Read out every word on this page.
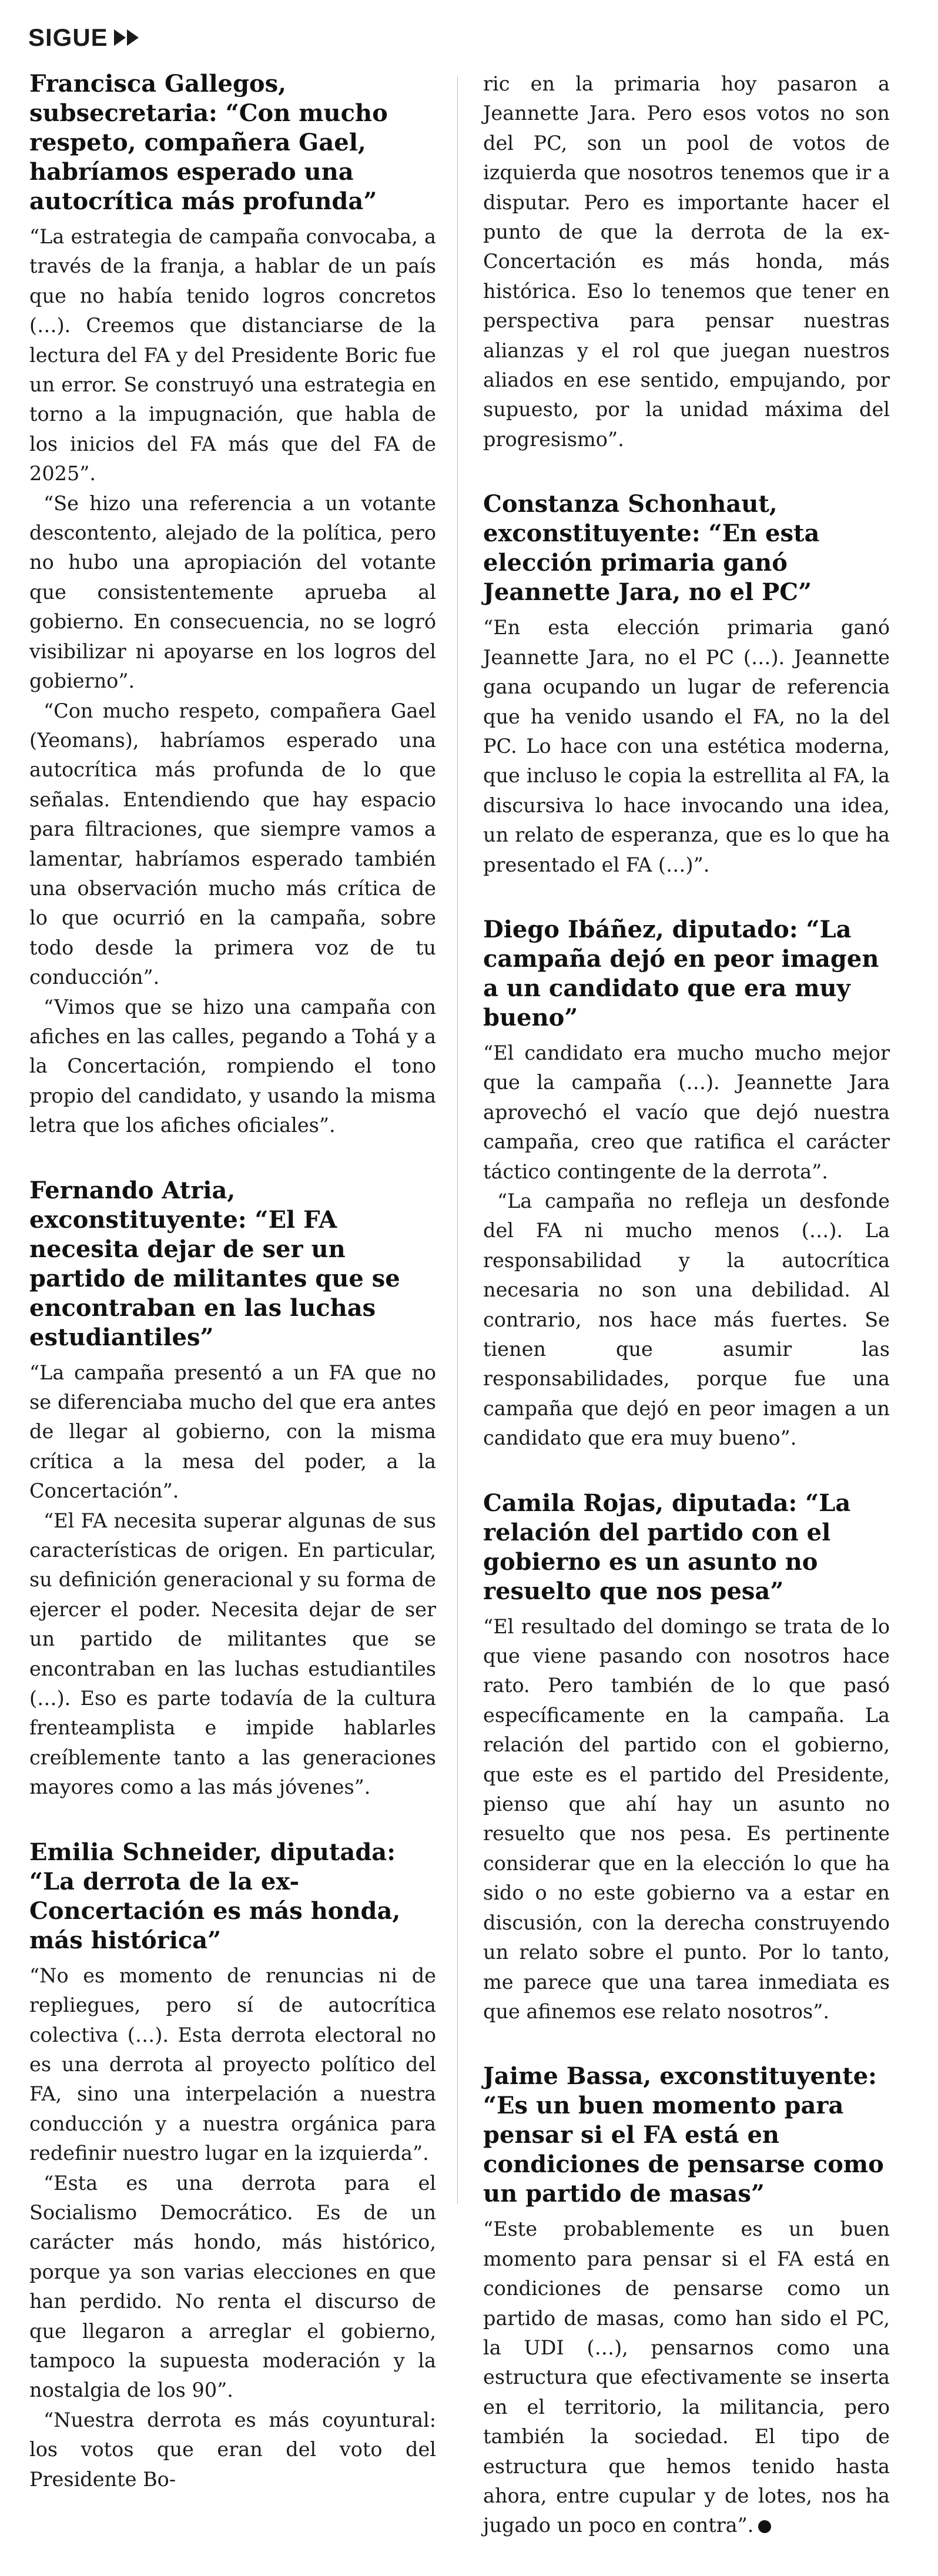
SIGUE
Francisca Gallegos, subsecretaria: “Con mucho respeto, compañera Gael, habríamos esperado una autocrítica más profunda”

“La estrategia de campaña convocaba, a través de la franja, a hablar de un país que no había tenido logros concretos (…). Creemos que distanciarse de la lectura del FA y del Presidente Boric fue un error. Se construyó una estrategia en torno a la impugnación, que habla de los inicios del FA más que del FA de 2025”.

“Se hizo una referencia a un votante descontento, alejado de la política, pero no hubo una apropiación del votante que consistentemente aprueba al gobierno. En consecuencia, no se logró visibilizar ni apoyarse en los logros del gobierno”.

“Con mucho respeto, compañera Gael (Yeomans), habríamos esperado una autocrítica más profunda de lo que señalas. Entendiendo que hay espacio para filtraciones, que siempre vamos a lamentar, habríamos esperado también una observación mucho más crítica de lo que ocurrió en la campaña, sobre todo desde la primera voz de tu conducción”.

“Vimos que se hizo una campaña con afiches en las calles, pegando a Tohá y a la Concertación, rompiendo el tono propio del candidato, y usando la misma letra que los afiches oficiales”.

Fernando Atria, exconstituyente: “El FA necesita dejar de ser un partido de militantes que se encontraban en las luchas estudiantiles”

“La campaña presentó a un FA que no se diferenciaba mucho del que era antes de llegar al gobierno, con la misma crítica a la mesa del poder, a la Concertación”.

“El FA necesita superar algunas de sus características de origen. En particular, su definición generacional y su forma de ejercer el poder. Necesita dejar de ser un partido de militantes que se encontraban en las luchas estudiantiles (…). Eso es parte todavía de la cultura frenteamplista e impide hablarles creíblemente tanto a las generaciones mayores como a las más jóvenes”.

Emilia Schneider, diputada: “La derrota de la ex-Concertación es más honda, más histórica”

“No es momento de renuncias ni de repliegues, pero sí de autocrítica colectiva (…). Esta derrota electoral no es una derrota al proyecto político del FA, sino una interpelación a nuestra conducción y a nuestra orgánica para redefinir nuestro lugar en la izquierda”.

“Esta es una derrota para el Socialismo Democrático. Es de un carácter más hondo, más histórico, porque ya son varias elecciones en que han perdido. No renta el discurso de que llegaron a arreglar el gobierno, tampoco la supuesta moderación y la nostalgia de los 90”.

“Nuestra derrota es más coyuntural: los votos que eran del voto del Presidente Bo-

ric en la primaria hoy pasaron a Jeannette Jara. Pero esos votos no son del PC, son un pool de votos de izquierda que nosotros tenemos que ir a disputar. Pero es importante hacer el punto de que la derrota de la ex-Concertación es más honda, más histórica. Eso lo tenemos que tener en perspectiva para pensar nuestras alianzas y el rol que juegan nuestros aliados en ese sentido, empujando, por supuesto, por la unidad máxima del progresismo”.

Constanza Schonhaut, exconstituyente: “En esta elección primaria ganó Jeannette Jara, no el PC”

“En esta elección primaria ganó Jeannette Jara, no el PC (…). Jeannette gana ocupando un lugar de referencia que ha venido usando el FA, no la del PC. Lo hace con una estética moderna, que incluso le copia la estrellita al FA, la discursiva lo hace invocando una idea, un relato de esperanza, que es lo que ha presentado el FA (…)”.

Diego Ibáñez, diputado: “La campaña dejó en peor imagen a un candidato que era muy bueno”

“El candidato era mucho mucho mejor que la campaña (…). Jeannette Jara aprovechó el vacío que dejó nuestra campaña, creo que ratifica el carácter táctico contingente de la derrota”.

“La campaña no refleja un desfonde del FA ni mucho menos (…). La responsabilidad y la autocrítica necesaria no son una debilidad. Al contrario, nos hace más fuertes. Se tienen que asumir las responsabilidades, porque fue una campaña que dejó en peor imagen a un candidato que era muy bueno”.

Camila Rojas, diputada: “La relación del partido con el gobierno es un asunto no resuelto que nos pesa”

“El resultado del domingo se trata de lo que viene pasando con nosotros hace rato. Pero también de lo que pasó específicamente en la campaña. La relación del partido con el gobierno, que este es el partido del Presidente, pienso que ahí hay un asunto no resuelto que nos pesa. Es pertinente considerar que en la elección lo que ha sido o no este gobierno va a estar en discusión, con la derecha construyendo un relato sobre el punto. Por lo tanto, me parece que una tarea inmediata es que afinemos ese relato nosotros”.

Jaime Bassa, exconstituyente: “Es un buen momento para pensar si el FA está en condiciones de pensarse como un partido de masas”

“Este probablemente es un buen momento para pensar si el FA está en condiciones de pensarse como un partido de masas, como han sido el PC, la UDI (…), pensarnos como una estructura que efectivamente se inserta en el territorio, la militancia, pero también la sociedad. El tipo de estructura que hemos tenido hasta ahora, entre cupular y de lotes, nos ha jugado un poco en contra”.
